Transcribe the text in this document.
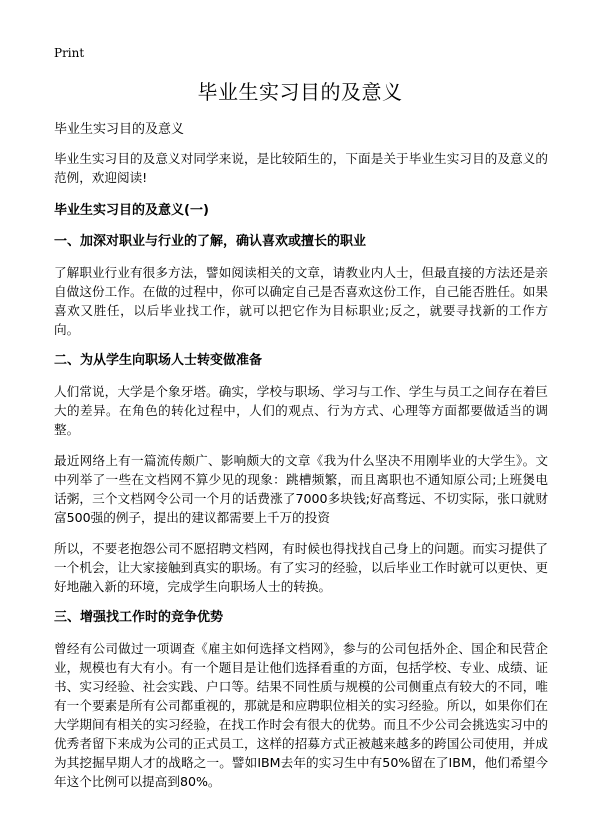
Print
毕业生实习目的及意义

毕业生实习目的及意义

毕业生实习目的及意义对同学来说，是比较陌生的，下面是关于毕业生实习目的及意义的范例，欢迎阅读!

毕业生实习目的及意义(一)
一、加深对职业与行业的了解，确认喜欢或擅长的职业

了解职业行业有很多方法，譬如阅读相关的文章，请教业内人士，但最直接的方法还是亲自做这份工作。在做的过程中，你可以确定自己是否喜欢这份工作，自己能否胜任。如果喜欢又胜任，以后毕业找工作，就可以把它作为目标职业;反之，就要寻找新的工作方向。

二、为从学生向职场人士转变做准备

人们常说，大学是个象牙塔。确实，学校与职场、学习与工作、学生与员工之间存在着巨大的差异。在角色的转化过程中，人们的观点、行为方式、心理等方面都要做适当的调整。

最近网络上有一篇流传颇广、影响颇大的文章《我为什么坚决不用刚毕业的大学生》。文中列举了一些在文档网不算少见的现象：跳槽频繁，而且离职也不通知原公司;上班煲电话粥，三个文档网令公司一个月的话费涨了7000多块钱;好高骛远、不切实际，张口就财富500强的例子，提出的建议都需要上千万的投资

所以，不要老抱怨公司不愿招聘文档网，有时候也得找找自己身上的问题。而实习提供了一个机会，让大家接触到真实的职场。有了实习的经验，以后毕业工作时就可以更快、更好地融入新的环境，完成学生向职场人士的转换。

三、增强找工作时的竞争优势

曾经有公司做过一项调查《雇主如何选择文档网》，参与的公司包括外企、国企和民营企业，规模也有大有小。有一个题目是让他们选择看重的方面，包括学校、专业、成绩、证书、实习经验、社会实践、户口等。结果不同性质与规模的公司侧重点有较大的不同，唯有一个要素是所有公司都重视的，那就是和应聘职位相关的实习经验。所以，如果你们在大学期间有相关的实习经验，在找工作时会有很大的优势。而且不少公司会挑选实习中的优秀者留下来成为公司的正式员工，这样的招募方式正被越来越多的跨国公司使用，并成为其挖掘早期人才的战略之一。譬如IBM去年的实习生中有50%留在了IBM，他们希望今年这个比例可以提高到80%。
